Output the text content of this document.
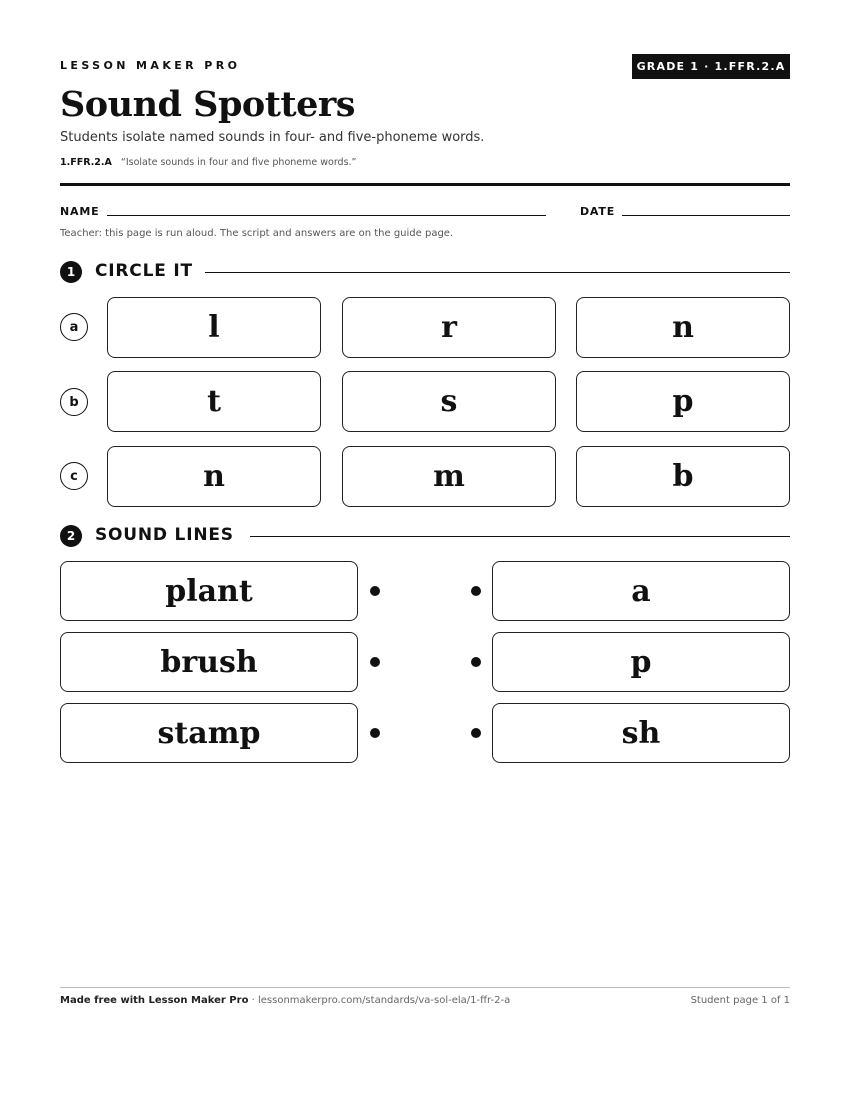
LESSON MAKER PRO	GRADE 1 · 1.FFR.2.A
Sound Spotters
Students isolate named sounds in four- and five-phoneme words.
1.FFR.2.A “Isolate sounds in four and five phoneme words.”
NAME	DATE
Teacher: this page is run aloud. The script and answers are on the guide page.
1	CIRCLE IT
a	l	r	n
b	t	s	p
c	n	m	b
2	SOUND LINES
plant	a
brush	p
stamp	sh
Made free with Lesson Maker Pro · lessonmakerpro.com/standards/va-sol-ela/1-ffr-2-a	Student page 1 of 1
